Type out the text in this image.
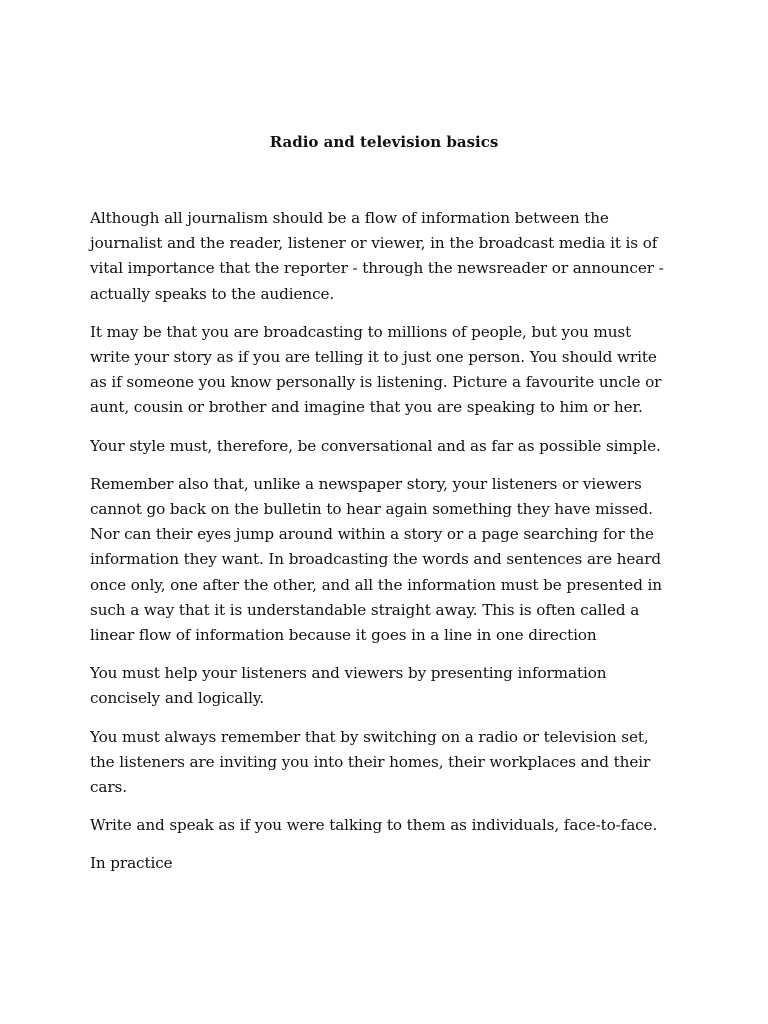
Radio and television basics

Although all journalism should be a flow of information between the journalist and the reader, listener or viewer, in the broadcast media it is of vital importance that the reporter - through the newsreader or announcer - actually speaks to the audience.

It may be that you are broadcasting to millions of people, but you must write your story as if you are telling it to just one person. You should write as if someone you know personally is listening. Picture a favourite uncle or aunt, cousin or brother and imagine that you are speaking to him or her.

Your style must, therefore, be conversational and as far as possible simple.

Remember also that, unlike a newspaper story, your listeners or viewers cannot go back on the bulletin to hear again something they have missed. Nor can their eyes jump around within a story or a page searching for the information they want. In broadcasting the words and sentences are heard once only, one after the other, and all the information must be presented in such a way that it is understandable straight away. This is often called a linear flow of information because it goes in a line in one direction

You must help your listeners and viewers by presenting information concisely and logically.

You must always remember that by switching on a radio or television set, the listeners are inviting you into their homes, their workplaces and their cars.

Write and speak as if you were talking to them as individuals, face-to-face.

In practice
